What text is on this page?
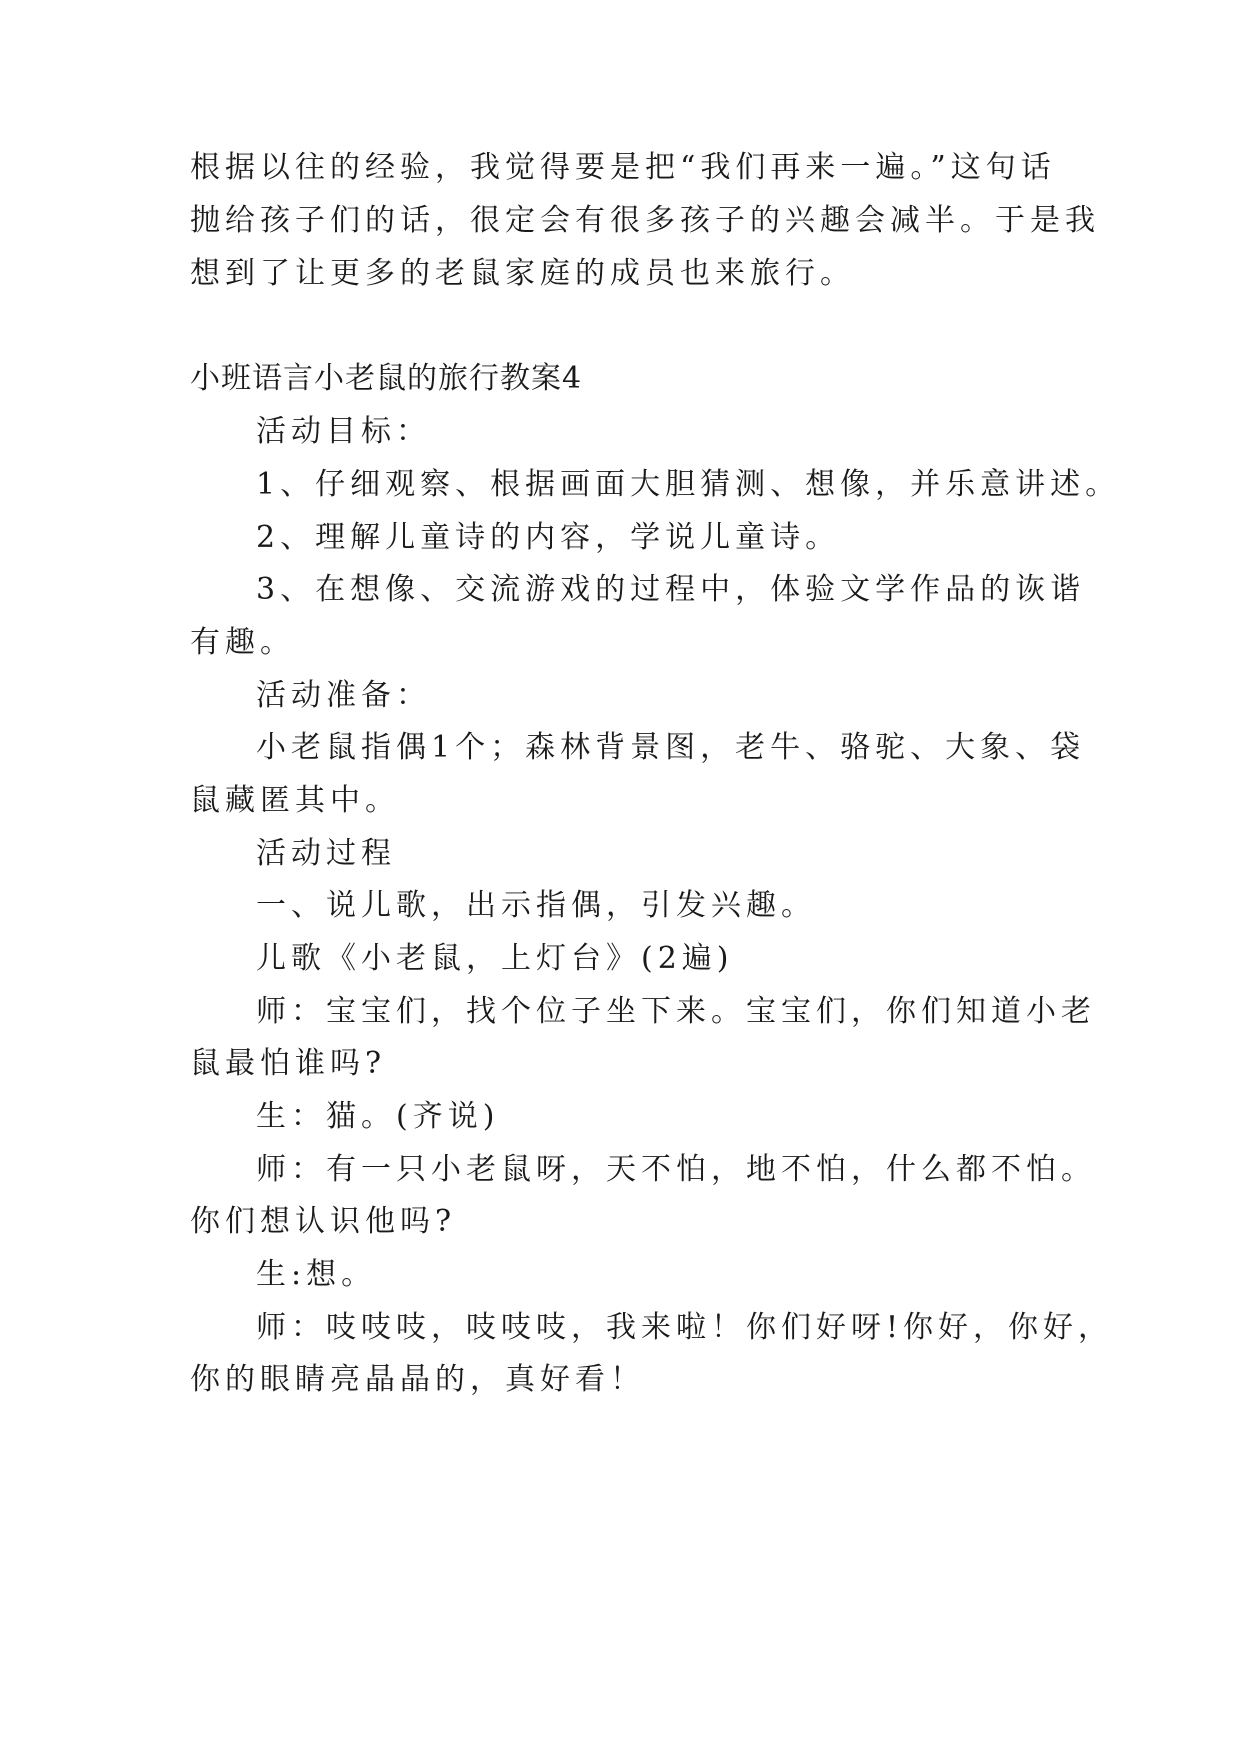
根据以往的经验，我觉得要是把“我们再来一遍。”这句话
抛给孩子们的话，很定会有很多孩子的兴趣会减半。于是我
想到了让更多的老鼠家庭的成员也来旅行。
小班语言小老鼠的旅行教案4
活动目标：
1、仔细观察、根据画面大胆猜测、想像，并乐意讲述。
2、理解儿童诗的内容，学说儿童诗。
3、在想像、交流游戏的过程中，体验文学作品的诙谐
有趣。
活动准备：
小老鼠指偶1个；森林背景图，老牛、骆驼、大象、袋
鼠藏匿其中。
活动过程
一、说儿歌，出示指偶，引发兴趣。
儿歌《小老鼠，上灯台》(2遍)
师：宝宝们，找个位子坐下来。宝宝们，你们知道小老
鼠最怕谁吗?
生：猫。(齐说)
师：有一只小老鼠呀，天不怕，地不怕，什么都不怕。
你们想认识他吗?
生:想。
师：吱吱吱，吱吱吱，我来啦！你们好呀!你好，你好，
你的眼睛亮晶晶的，真好看！
